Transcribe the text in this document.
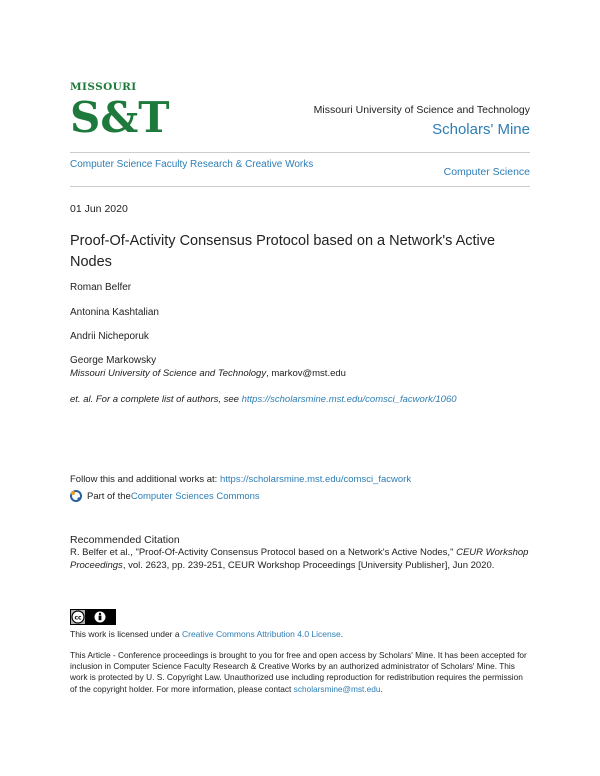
MISSOURI
S&T	Missouri University of Science and Technology
Scholars' Mine
Computer Science Faculty Research & Creative Works
Computer Science
01 Jun 2020
Proof-Of-Activity Consensus Protocol based on a Network's Active Nodes
Roman Belfer
Antonina Kashtalian
Andrii Nicheporuk
George Markowsky
Missouri University of Science and Technology, markov@mst.edu
et. al. For a complete list of authors, see https://scholarsmine.mst.edu/comsci_facwork/1060
Follow this and additional works at: https://scholarsmine.mst.edu/comsci_facwork
Part of the Computer Sciences Commons
Recommended Citation
R. Belfer et al., "Proof-Of-Activity Consensus Protocol based on a Network's Active Nodes," CEUR Workshop Proceedings, vol. 2623, pp. 239-251, CEUR Workshop Proceedings [University Publisher], Jun 2020.
cc
This work is licensed under a Creative Commons Attribution 4.0 License.
This Article - Conference proceedings is brought to you for free and open access by Scholars' Mine. It has been accepted for inclusion in Computer Science Faculty Research & Creative Works by an authorized administrator of Scholars' Mine. This work is protected by U. S. Copyright Law. Unauthorized use including reproduction for redistribution requires the permission of the copyright holder. For more information, please contact scholarsmine@mst.edu.
